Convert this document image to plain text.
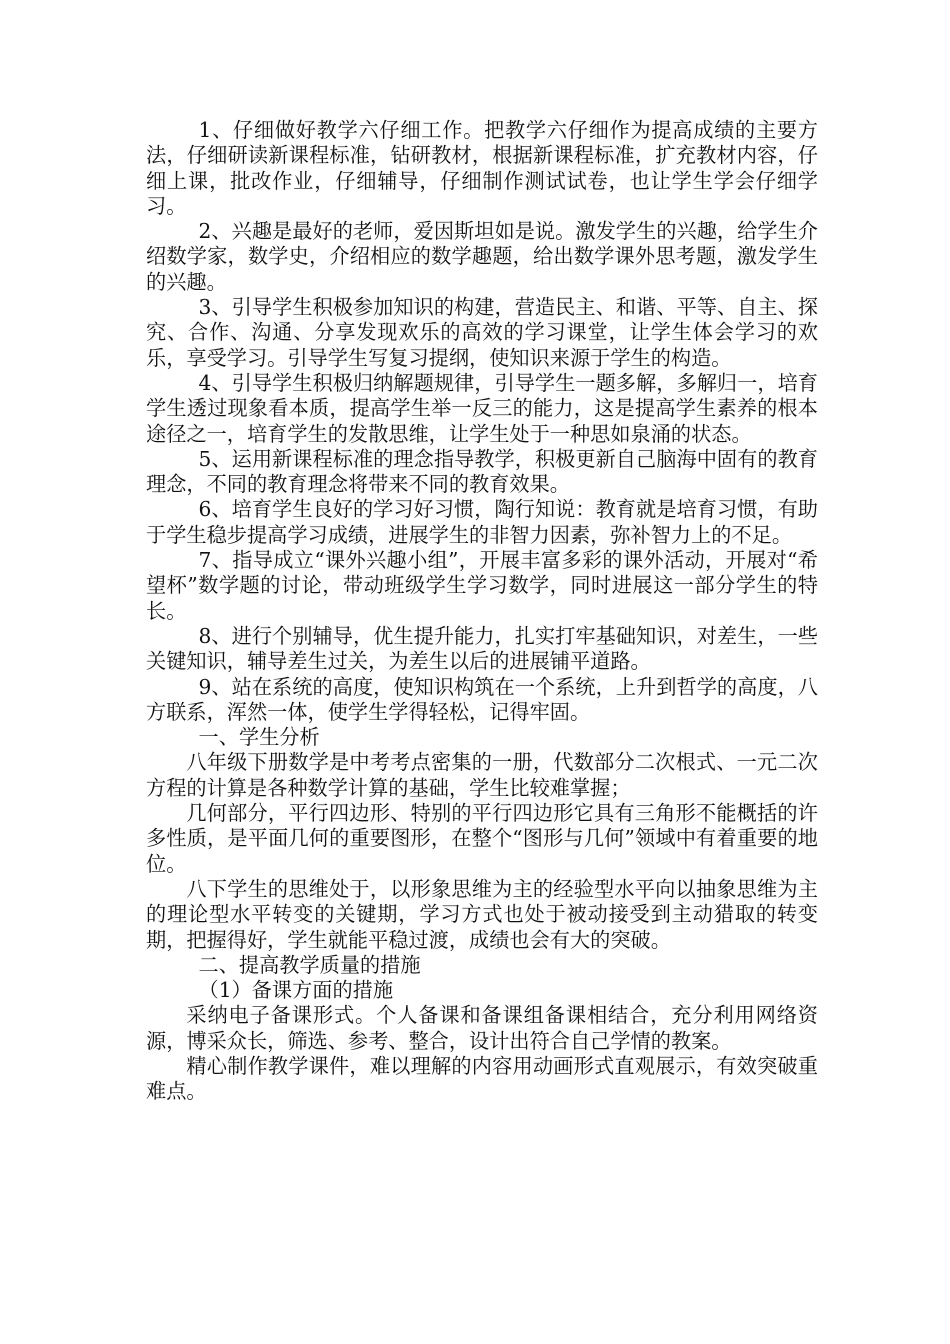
1、仔细做好教学六仔细工作。把教学六仔细作为提高成绩的主要方法，仔细研读新课程标准，钻研教材，根据新课程标准，扩充教材内容，仔细上课，批改作业，仔细辅导，仔细制作测试试卷，也让学生学会仔细学习。

2、兴趣是最好的老师，爱因斯坦如是说。激发学生的兴趣，给学生介绍数学家，数学史，介绍相应的数学趣题，给出数学课外思考题，激发学生的兴趣。

3、引导学生积极参加知识的构建，营造民主、和谐、平等、自主、探究、合作、沟通、分享发现欢乐的高效的学习课堂，让学生体会学习的欢乐，享受学习。引导学生写复习提纲，使知识来源于学生的构造。

4、引导学生积极归纳解题规律，引导学生一题多解，多解归一，培育学生透过现象看本质，提高学生举一反三的能力，这是提高学生素养的根本途径之一，培育学生的发散思维，让学生处于一种思如泉涌的状态。

5、运用新课程标准的理念指导教学，积极更新自己脑海中固有的教育理念，不同的教育理念将带来不同的教育效果。

6、培育学生良好的学习好习惯，陶行知说：教育就是培育习惯，有助于学生稳步提高学习成绩，进展学生的非智力因素，弥补智力上的不足。

7、指导成立“课外兴趣小组”，开展丰富多彩的课外活动，开展对“希望杯”数学题的讨论，带动班级学生学习数学，同时进展这一部分学生的特长。

8、进行个别辅导，优生提升能力，扎实打牢基础知识，对差生，一些关键知识，辅导差生过关，为差生以后的进展铺平道路。

9、站在系统的高度，使知识构筑在一个系统，上升到哲学的高度，八方联系，浑然一体，使学生学得轻松，记得牢固。

一、学生分析

八年级下册数学是中考考点密集的一册，代数部分二次根式、一元二次方程的计算是各种数学计算的基础，学生比较难掌握；

几何部分，平行四边形、特别的平行四边形它具有三角形不能概括的许多性质，是平面几何的重要图形，在整个“图形与几何”领域中有着重要的地位。

八下学生的思维处于，以形象思维为主的经验型水平向以抽象思维为主的理论型水平转变的关键期，学习方式也处于被动接受到主动猎取的转变期，把握得好，学生就能平稳过渡，成绩也会有大的突破。

二、提高教学质量的措施

（1）备课方面的措施

采纳电子备课形式。个人备课和备课组备课相结合，充分利用网络资源，博采众长，筛选、参考、整合，设计出符合自己学情的教案。

精心制作教学课件，难以理解的内容用动画形式直观展示，有效突破重难点。
